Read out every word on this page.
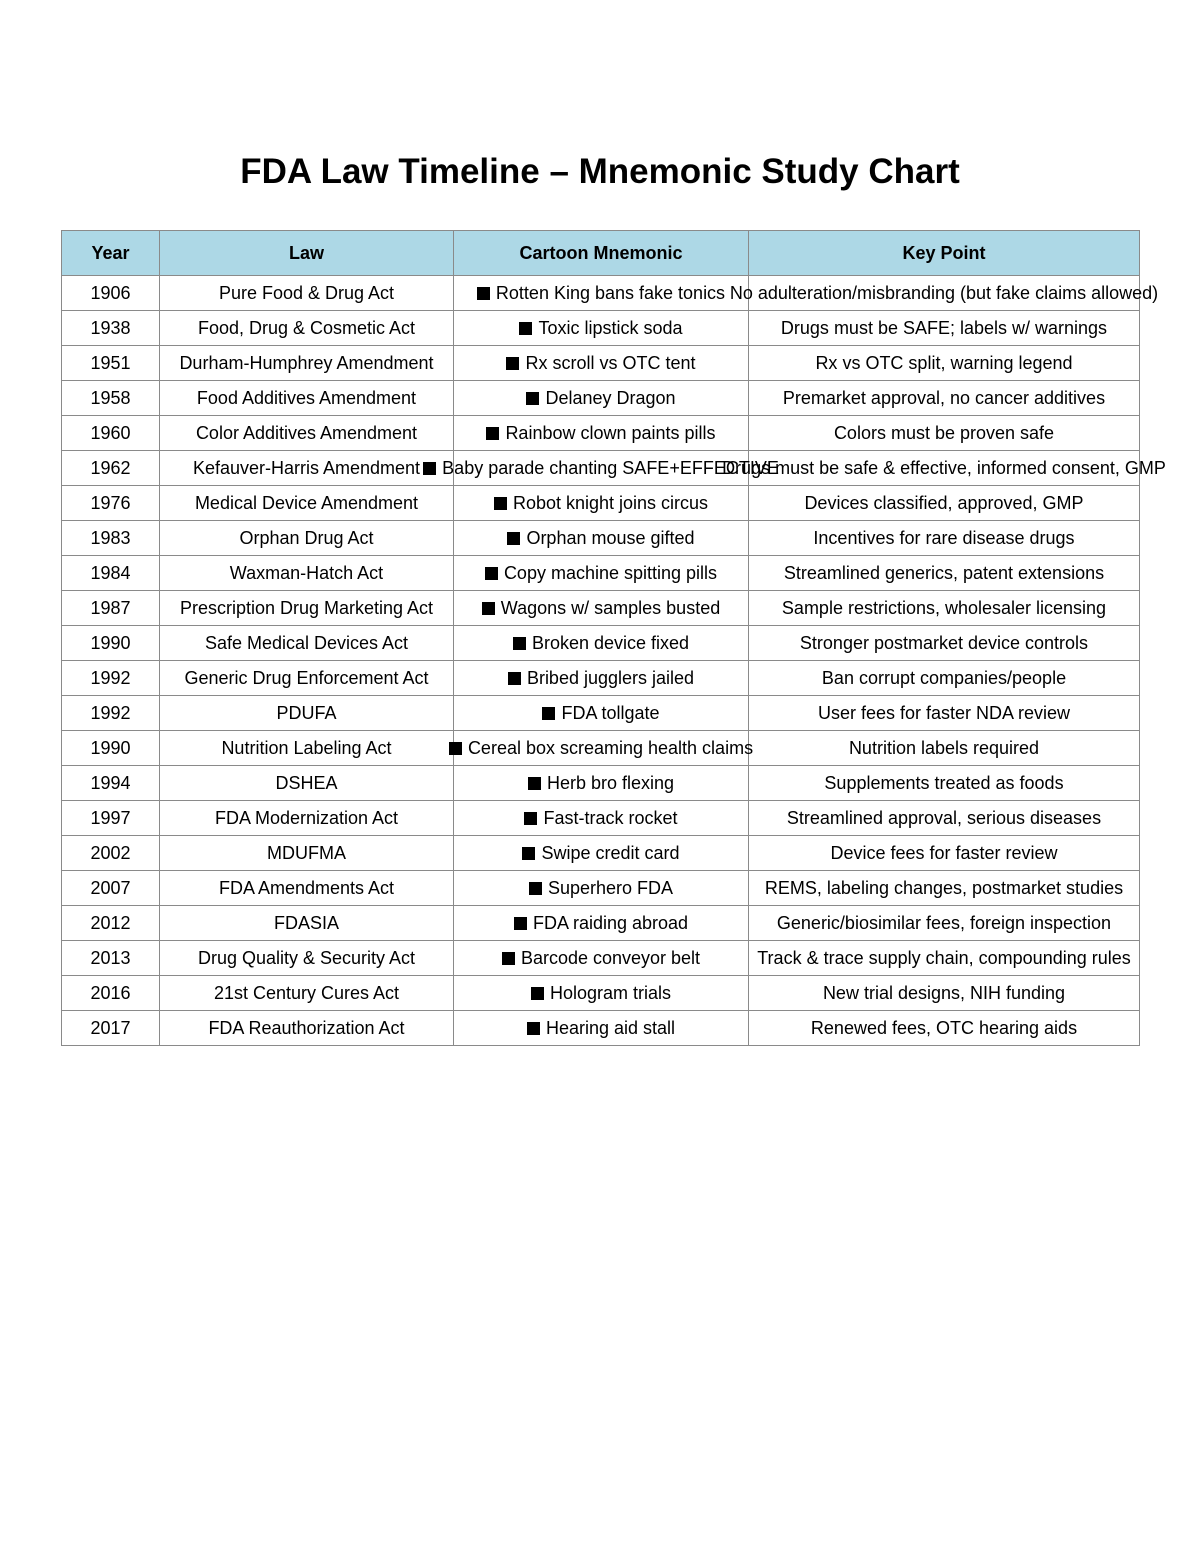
FDA Law Timeline – Mnemonic Study Chart
Year	Law	Cartoon Mnemonic	Key Point

1906	Pure Food & Drug Act	Rotten King bans fake tonics	No adulteration/misbranding (but fake claims allowed)

1938	Food, Drug & Cosmetic Act	Toxic lipstick soda	Drugs must be SAFE; labels w/ warnings

1951	Durham-Humphrey Amendment	Rx scroll vs OTC tent	Rx vs OTC split, warning legend

1958	Food Additives Amendment	Delaney Dragon	Premarket approval, no cancer additives

1960	Color Additives Amendment	Rainbow clown paints pills	Colors must be proven safe

1962	Kefauver-Harris Amendment	Baby parade chanting SAFE+EFFECTIVE	Drugs must be safe & effective, informed consent, GMP

1976	Medical Device Amendment	Robot knight joins circus	Devices classified, approved, GMP

1983	Orphan Drug Act	Orphan mouse gifted	Incentives for rare disease drugs

1984	Waxman-Hatch Act	Copy machine spitting pills	Streamlined generics, patent extensions

1987	Prescription Drug Marketing Act	Wagons w/ samples busted	Sample restrictions, wholesaler licensing

1990	Safe Medical Devices Act	Broken device fixed	Stronger postmarket device controls

1992	Generic Drug Enforcement Act	Bribed jugglers jailed	Ban corrupt companies/people

1992	PDUFA	FDA tollgate	User fees for faster NDA review

1990	Nutrition Labeling Act	Cereal box screaming health claims	Nutrition labels required

1994	DSHEA	Herb bro flexing	Supplements treated as foods

1997	FDA Modernization Act	Fast-track rocket	Streamlined approval, serious diseases

2002	MDUFMA	Swipe credit card	Device fees for faster review

2007	FDA Amendments Act	Superhero FDA	REMS, labeling changes, postmarket studies

2012	FDASIA	FDA raiding abroad	Generic/biosimilar fees, foreign inspection

2013	Drug Quality & Security Act	Barcode conveyor belt	Track & trace supply chain, compounding rules

2016	21st Century Cures Act	Hologram trials	New trial designs, NIH funding

2017	FDA Reauthorization Act	Hearing aid stall	Renewed fees, OTC hearing aids
